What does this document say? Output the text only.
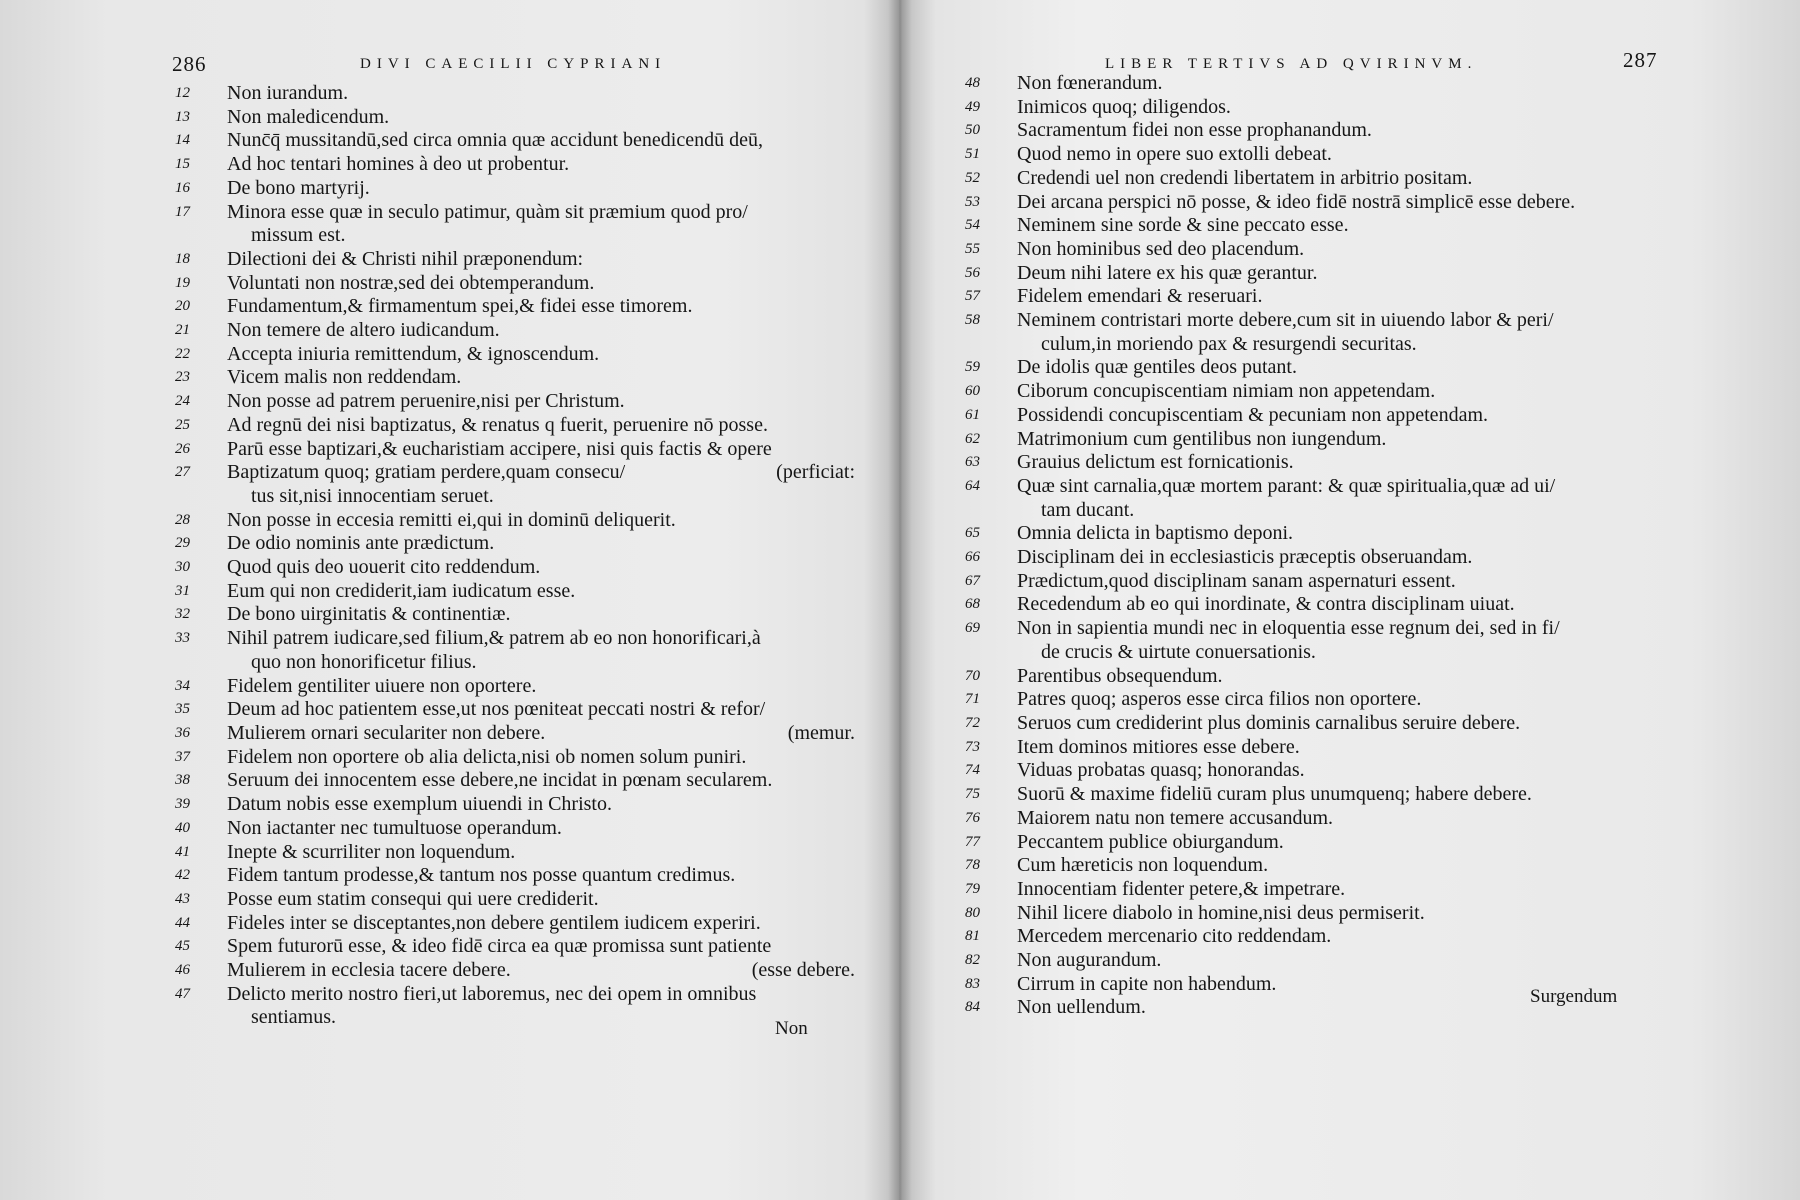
286	DIVI CAECILII CYPRIANI
12	Non iurandum.
13	Non maledicendum.
14	Nunc̄q̄ mussitandū,sed circa omnia quæ accidunt benedicendū deū,
15	Ad hoc tentari homines à deo ut probentur.
16	De bono martyrij.
17	Minora esse quæ in seculo patimur, quàm sit præmium quod pro/
missum est.
18	Dilectioni dei & Christi nihil præponendum:
19	Voluntati non nostræ,sed dei obtemperandum.
20	Fundamentum,& firmamentum spei,& fidei esse timorem.
21	Non temere de altero iudicandum.
22	Accepta iniuria remittendum, & ignoscendum.
23	Vicem malis non reddendam.
24	Non posse ad patrem peruenire,nisi per Christum.
25	Ad regnū dei nisi baptizatus, & renatus q fuerit, peruenire nō posse.
26	Parū esse baptizari,& eucharistiam accipere, nisi quis factis & opere
27	Baptizatum quoq; gratiam perdere,quam consecu/
tus sit,nisi innocentiam seruet.
(perficiat:
28	Non posse in eccesia remitti ei,qui in dominū deliquerit.
29	De odio nominis ante prædictum.
30	Quod quis deo uouerit cito reddendum.
31	Eum qui non crediderit,iam iudicatum esse.
32	De bono uirginitatis & continentiæ.
33	Nihil patrem iudicare,sed filium,& patrem ab eo non honorificari,à
quo non honorificetur filius.
34	Fidelem gentiliter uiuere non oportere.
35	Deum ad hoc patientem esse,ut nos pœniteat peccati nostri & refor/
36	Mulierem ornari seculariter non debere.	(memur.
37	Fidelem non oportere ob alia delicta,nisi ob nomen solum puniri.
38	Seruum dei innocentem esse debere,ne incidat in pœnam secularem.
39	Datum nobis esse exemplum uiuendi in Christo.
40	Non iactanter nec tumultuose operandum.
41	Inepte & scurriliter non loquendum.
42	Fidem tantum prodesse,& tantum nos posse quantum credimus.
43	Posse eum statim consequi qui uere crediderit.
44	Fideles inter se disceptantes,non debere gentilem iudicem experiri.
45	Spem futurorū esse, & ideo fidē circa ea quæ promissa sunt patiente
46	Mulierem in ecclesia tacere debere.	(esse debere.
47	Delicto merito nostro fieri,ut laboremus, nec dei opem in omnibus
sentiamus.
Non
LIBER TERTIVS AD QVIRINVM.	287
48	Non fœnerandum.
49	Inimicos quoq; diligendos.
50	Sacramentum fidei non esse prophanandum.
51	Quod nemo in opere suo extolli debeat.
52	Credendi uel non credendi libertatem in arbitrio positam.
53	Dei arcana perspici nō posse, & ideo fidē nostrā simplicē esse debere.
54	Neminem sine sorde & sine peccato esse.
55	Non hominibus sed deo placendum.
56	Deum nihi latere ex his quæ gerantur.
57	Fidelem emendari & reseruari.
58	Neminem contristari morte debere,cum sit in uiuendo labor & peri/
culum,in moriendo pax & resurgendi securitas.
59	De idolis quæ gentiles deos putant.
60	Ciborum concupiscentiam nimiam non appetendam.
61	Possidendi concupiscentiam & pecuniam non appetendam.
62	Matrimonium cum gentilibus non iungendum.
63	Grauius delictum est fornicationis.
64	Quæ sint carnalia,quæ mortem parant: & quæ spiritualia,quæ ad ui/
tam ducant.
65	Omnia delicta in baptismo deponi.
66	Disciplinam dei in ecclesiasticis præceptis obseruandam.
67	Prædictum,quod disciplinam sanam aspernaturi essent.
68	Recedendum ab eo qui inordinate, & contra disciplinam uiuat.
69	Non in sapientia mundi nec in eloquentia esse regnum dei, sed in fi/
de crucis & uirtute conuersationis.
70	Parentibus obsequendum.
71	Patres quoq; asperos esse circa filios non oportere.
72	Seruos cum crediderint plus dominis carnalibus seruire debere.
73	Item dominos mitiores esse debere.
74	Viduas probatas quasq; honorandas.
75	Suorū & maxime fideliū curam plus unumquenq; habere debere.
76	Maiorem natu non temere accusandum.
77	Peccantem publice obiurgandum.
78	Cum hæreticis non loquendum.
79	Innocentiam fidenter petere,& impetrare.
80	Nihil licere diabolo in homine,nisi deus permiserit.
81	Mercedem mercenario cito reddendam.
82	Non augurandum.
83	Cirrum in capite non habendum.
84	Non uellendum.	Surgendum
